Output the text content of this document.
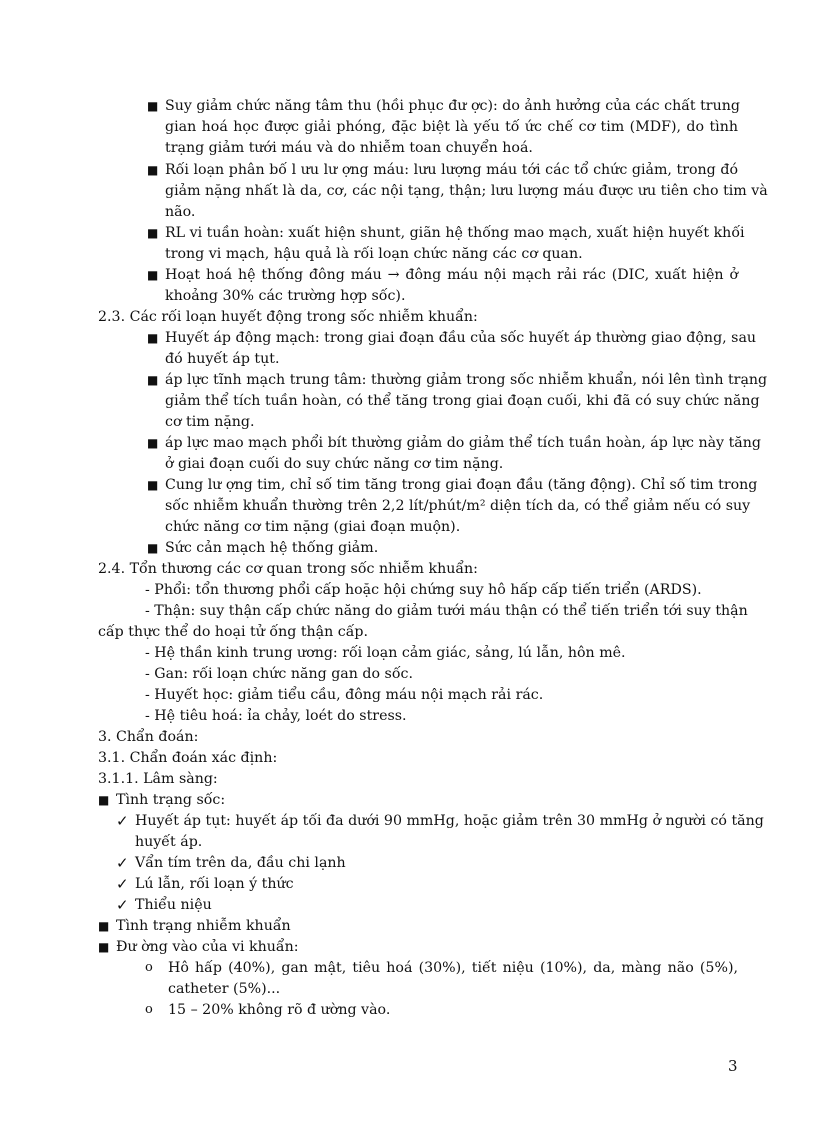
■ Suy giảm chức năng tâm thu (hồi phục đư ợc): do ảnh hưởng của các chất trung
gian hoá học được giải phóng, đặc biệt là yếu tố ức chế cơ tim (MDF), do tình
trạng giảm tưới máu và do nhiễm toan chuyển hoá.
■ Rối loạn phân bố l ưu lư ợng máu: lưu lượng máu tới các tổ chức giảm, trong đó
giảm nặng nhất là da, cơ, các nội tạng, thận; lưu lượng máu được ưu tiên cho tim và
não.
■ RL vi tuần hoàn: xuất hiện shunt, giãn hệ thống mao mạch, xuất hiện huyết khối
trong vi mạch, hậu quả là rối loạn chức năng các cơ quan.
■ Hoạt hoá hệ thống đông máu → đông máu nội mạch rải rác (DIC, xuất hiện ở
khoảng 30% các trường hợp sốc).
2.3. Các rối loạn huyết động trong sốc nhiễm khuẩn:
■ Huyết áp động mạch: trong giai đoạn đầu của sốc huyết áp thường giao động, sau
đó huyết áp tụt.
■ áp lực tĩnh mạch trung tâm: thường giảm trong sốc nhiễm khuẩn, nói lên tình trạng
giảm thể tích tuần hoàn, có thể tăng trong giai đoạn cuối, khi đã có suy chức năng
cơ tim nặng.
■ áp lực mao mạch phổi bít thường giảm do giảm thể tích tuần hoàn, áp lực này tăng
ở giai đoạn cuối do suy chức năng cơ tim nặng.
■ Cung lư ợng tim, chỉ số tim tăng trong giai đoạn đầu (tăng động). Chỉ số tim trong
sốc nhiễm khuẩn thường trên 2,2 lít/phút/m² diện tích da, có thể giảm nếu có suy
chức năng cơ tim nặng (giai đoạn muộn).
■ Sức cản mạch hệ thống giảm.
2.4. Tổn thương các cơ quan trong sốc nhiễm khuẩn:
- Phổi: tổn thương phổi cấp hoặc hội chứng suy hô hấp cấp tiến triển (ARDS).
- Thận: suy thận cấp chức năng do giảm tưới máu thận có thể tiến triển tới suy thận
cấp thực thể do hoại tử ống thận cấp.
- Hệ thần kinh trung ương: rối loạn cảm giác, sảng, lú lẫn, hôn mê.
- Gan: rối loạn chức năng gan do sốc.
- Huyết học: giảm tiểu cầu, đông máu nội mạch rải rác.
- Hệ tiêu hoá: ỉa chảy, loét do stress.
3. Chẩn đoán:
3.1. Chẩn đoán xác định:
3.1.1. Lâm sàng:
■ Tình trạng sốc:
✓ Huyết áp tụt: huyết áp tối đa dưới 90 mmHg, hoặc giảm trên 30 mmHg ở người có tăng
huyết áp.
✓ Vẩn tím trên da, đầu chi lạnh
✓ Lú lẫn, rối loạn ý thức
✓ Thiểu niệu
■ Tình trạng nhiễm khuẩn
■ Đư ờng vào của vi khuẩn:
o Hô hấp (40%), gan mật, tiêu hoá (30%), tiết niệu (10%), da, màng não (5%),
catheter (5%)...
o 15 – 20% không rõ đ ường vào.
3
